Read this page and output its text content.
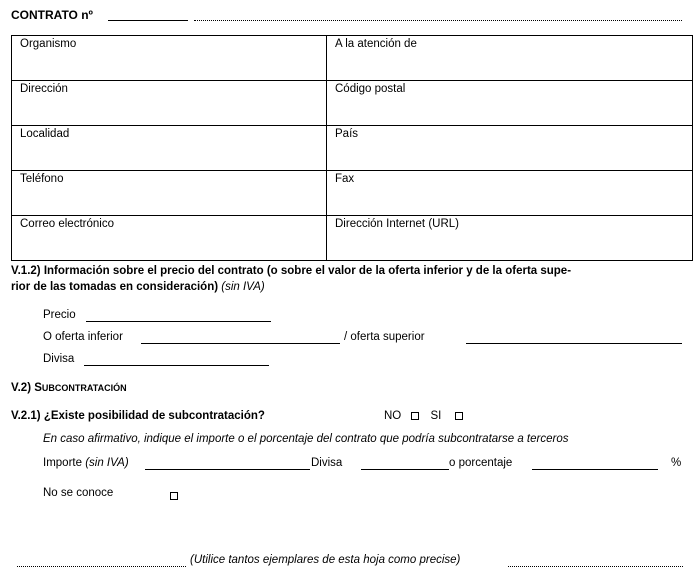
CONTRATO nº
Organismo	A la atención de
Dirección	Código postal
Localidad	País
Teléfono	Fax
Correo electrónico	Dirección Internet (URL)
V.1.2) Información sobre el precio del contrato (o sobre el valor de la oferta inferior y de la oferta supe-
rior de las tomadas en consideración) (sin IVA)
Precio
O oferta inferior	/ oferta superior
Divisa
V.2) SUBCONTRATACIÓN
V.2.1) ¿Existe posibilidad de subcontratación?	NO	SI
En caso afirmativo, indique el importe o el porcentaje del contrato que podría subcontratarse a terceros
Importe (sin IVA)	Divisa	o porcentaje	%
No se conoce
(Utilice tantos ejemplares de esta hoja como precise)
